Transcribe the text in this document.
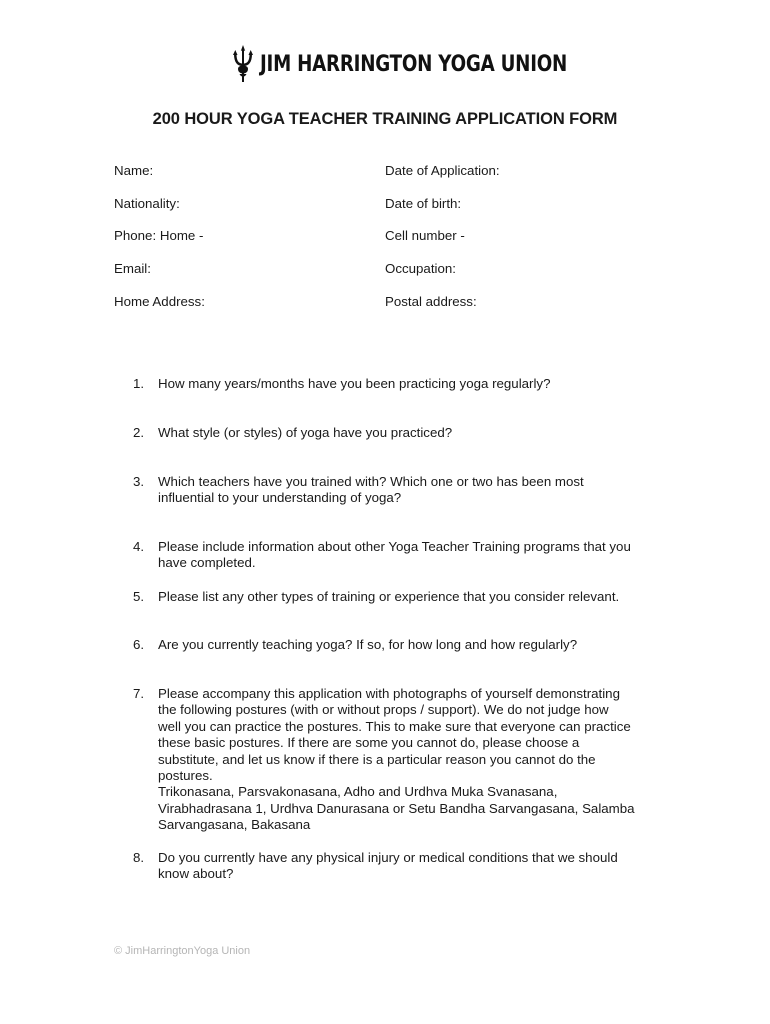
JIM HARRINGTON YOGA UNION
200 HOUR YOGA TEACHER TRAINING APPLICATION FORM
Name:	Date of Application:
Nationality:	Date of birth:
Phone: Home -	Cell number -
Email:	Occupation:
Home Address:	Postal address:
1.	How many years/months have you been practicing yoga regularly?
2.	What style (or styles) of yoga have you practiced?
3.	Which teachers have you trained with? Which one or two has been most
influential to your understanding of yoga?
4.	Please include information about other Yoga Teacher Training programs that you
have completed.
5.	Please list any other types of training or experience that you consider relevant.
6.	Are you currently teaching yoga? If so, for how long and how regularly?
7.	Please accompany this application with photographs of yourself demonstrating
the following postures (with or without props / support). We do not judge how
well you can practice the postures. This to make sure that everyone can practice
these basic postures. If there are some you cannot do, please choose a
substitute, and let us know if there is a particular reason you cannot do the
postures.
Trikonasana, Parsvakonasana, Adho and Urdhva Muka Svanasana,
Virabhadrasana 1, Urdhva Danurasana or Setu Bandha Sarvangasana, Salamba
Sarvangasana, Bakasana
8.	Do you currently have any physical injury or medical conditions that we should
know about?
© JimHarringtonYoga Union
